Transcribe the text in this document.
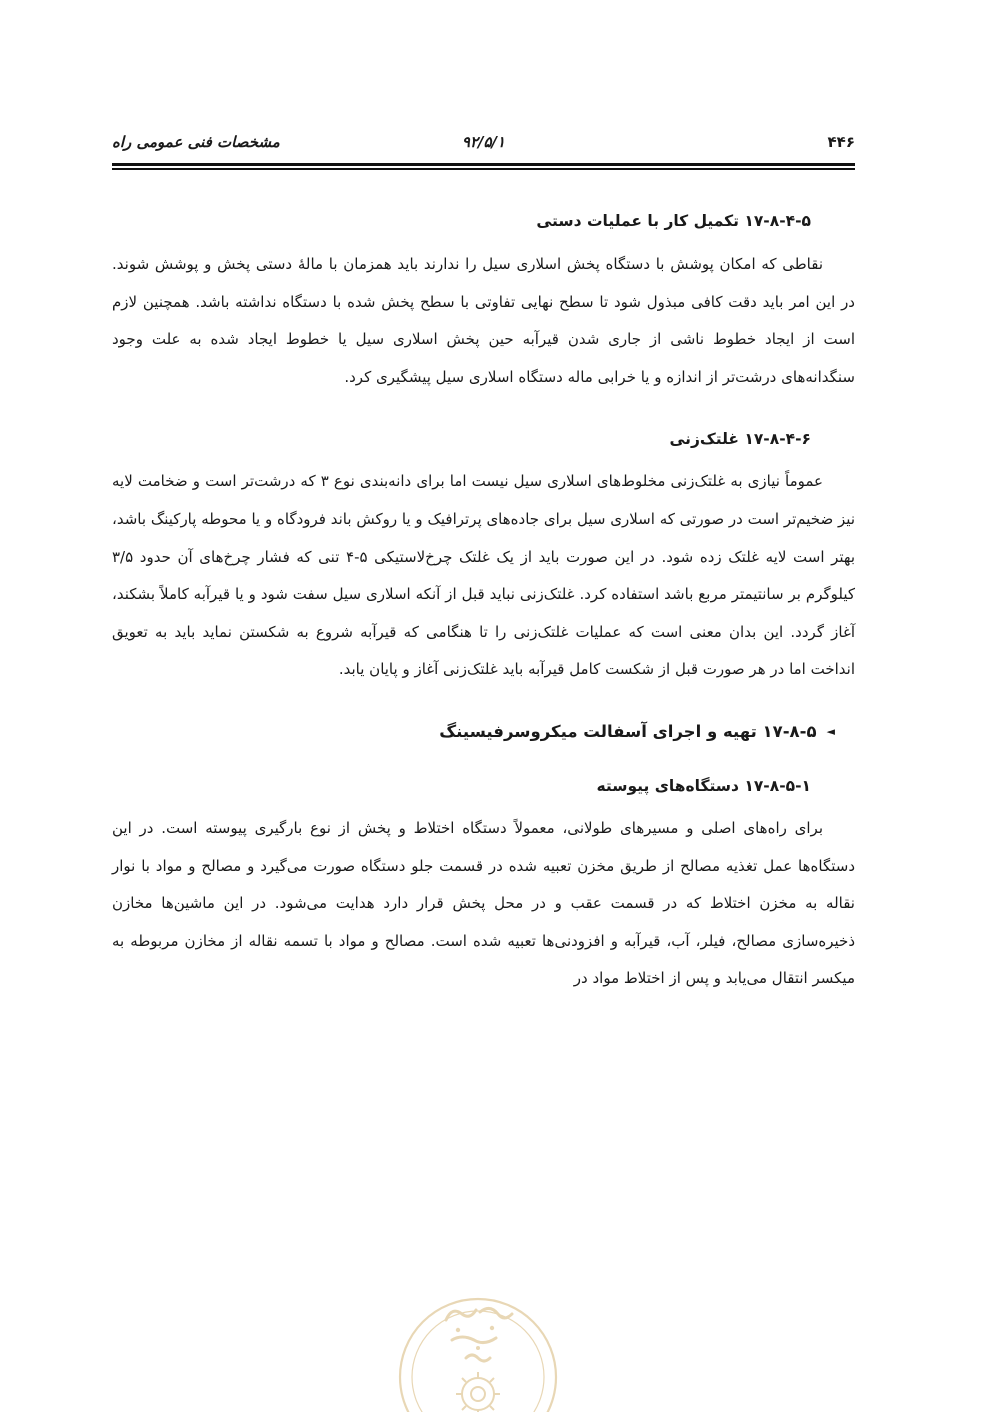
۴۴۶
۹۲/۵/۱
مشخصات فنی عمومی راه
۱۷-۸-۴-۵ تکمیل کار با عملیات دستی

نقاطی که امکان پوشش با دستگاه پخش اسلاری سیل را ندارند باید همزمان با مالهٔ دستی پخش و پوشش شوند. در این امر باید دقت کافی مبذول شود تا سطح نهایی تفاوتی با سطح پخش شده با دستگاه نداشته باشد. همچنین لازم است از ایجاد خطوط ناشی از جاری شدن قیرآبه حین پخش اسلاری سیل یا خطوط ایجاد شده به علت وجود سنگدانه‌های درشت‌تر از اندازه و یا خرابی ماله دستگاه اسلاری سیل پیشگیری کرد.

۱۷-۸-۴-۶ غلتک‌زنی

عموماً نیازی به غلتک‌زنی مخلوط‌های اسلاری سیل نیست اما برای دانه‌بندی نوع ۳ که درشت‌تر است و ضخامت لایه نیز ضخیم‌تر است در صورتی که اسلاری سیل برای جاده‌های پرترافیک و یا روکش باند فرودگاه و یا محوطه پارکینگ باشد، بهتر است لایه غلتک زده شود. در این صورت باید از یک غلتک چرخ‌لاستیکی ۵-۴ تنی که فشار چرخ‌های آن حدود ۳/۵ کیلوگرم بر سانتیمتر مربع باشد استفاده کرد. غلتک‌زنی نباید قبل از آنکه اسلاری سیل سفت شود و یا قیرآبه کاملاً بشکند، آغاز گردد. این بدان معنی است که عملیات غلتک‌زنی را تا هنگامی که قیرآبه شروع به شکستن نماید باید به تعویق انداخت اما در هر صورت قبل از شکست کامل قیرآبه باید غلتک‌زنی آغاز و پایان یابد.

◄
۱۷-۸-۵ تهیه و اجرای آسفالت میکروسرفیسینگ
۱۷-۸-۵-۱ دستگاه‌های پیوسته

برای راه‌های اصلی و مسیرهای طولانی، معمولاً دستگاه اختلاط و پخش از نوع بارگیری پیوسته است. در این دستگاه‌ها عمل تغذیه مصالح از طریق مخزن تعبیه شده در قسمت جلو دستگاه صورت می‌گیرد و مصالح و مواد با نوار نقاله به مخزن اختلاط که در قسمت عقب و در محل پخش قرار دارد هدایت می‌شود. در این ماشین‌ها مخازن ذخیره‌سازی مصالح، فیلر، آب، قیرآبه و افزودنی‌ها تعبیه شده است. مصالح و مواد با تسمه نقاله از مخازن مربوطه به میکسر انتقال می‌یابد و پس از اختلاط مواد در
